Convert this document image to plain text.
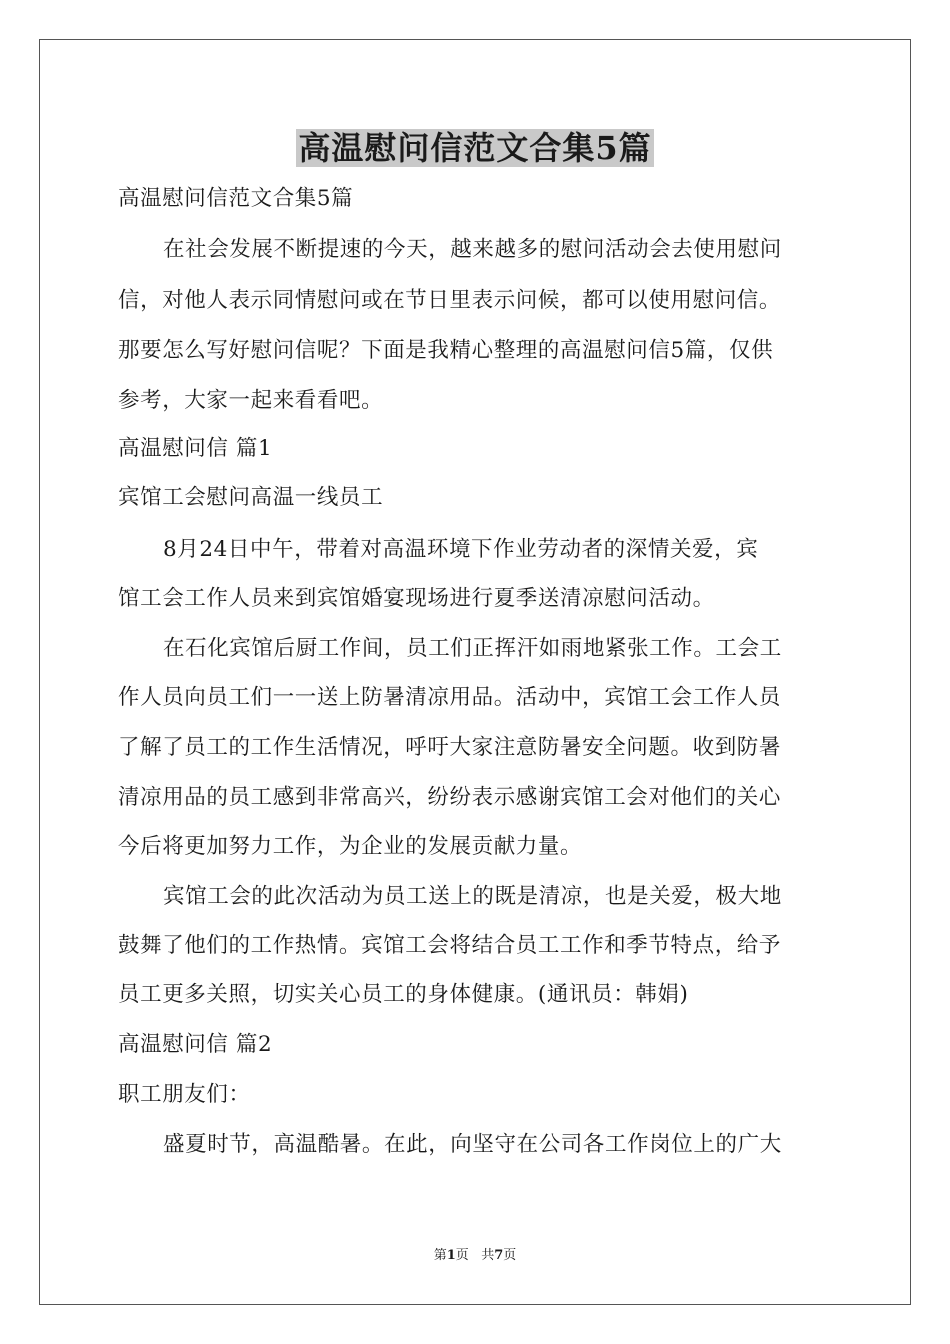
高温慰问信范文合集5篇
高温慰问信范文合集5篇
在社会发展不断提速的今天，越来越多的慰问活动会去使用慰问
信，对他人表示同情慰问或在节日里表示问候，都可以使用慰问信。
那要怎么写好慰问信呢？下面是我精心整理的高温慰问信5篇，仅供
参考，大家一起来看看吧。
高温慰问信 篇1
宾馆工会慰问高温一线员工
8月24日中午，带着对高温环境下作业劳动者的深情关爱，宾
馆工会工作人员来到宾馆婚宴现场进行夏季送清凉慰问活动。
在石化宾馆后厨工作间，员工们正挥汗如雨地紧张工作。工会工
作人员向员工们一一送上防暑清凉用品。活动中，宾馆工会工作人员
了解了员工的工作生活情况，呼吁大家注意防暑安全问题。收到防暑
清凉用品的员工感到非常高兴，纷纷表示感谢宾馆工会对他们的关心
今后将更加努力工作，为企业的发展贡献力量。
宾馆工会的此次活动为员工送上的既是清凉，也是关爱，极大地
鼓舞了他们的工作热情。宾馆工会将结合员工工作和季节特点，给予
员工更多关照，切实关心员工的身体健康。(通讯员：韩娟)
高温慰问信 篇2
职工朋友们：
盛夏时节，高温酷暑。在此，向坚守在公司各工作岗位上的广大
第1页 共7页
